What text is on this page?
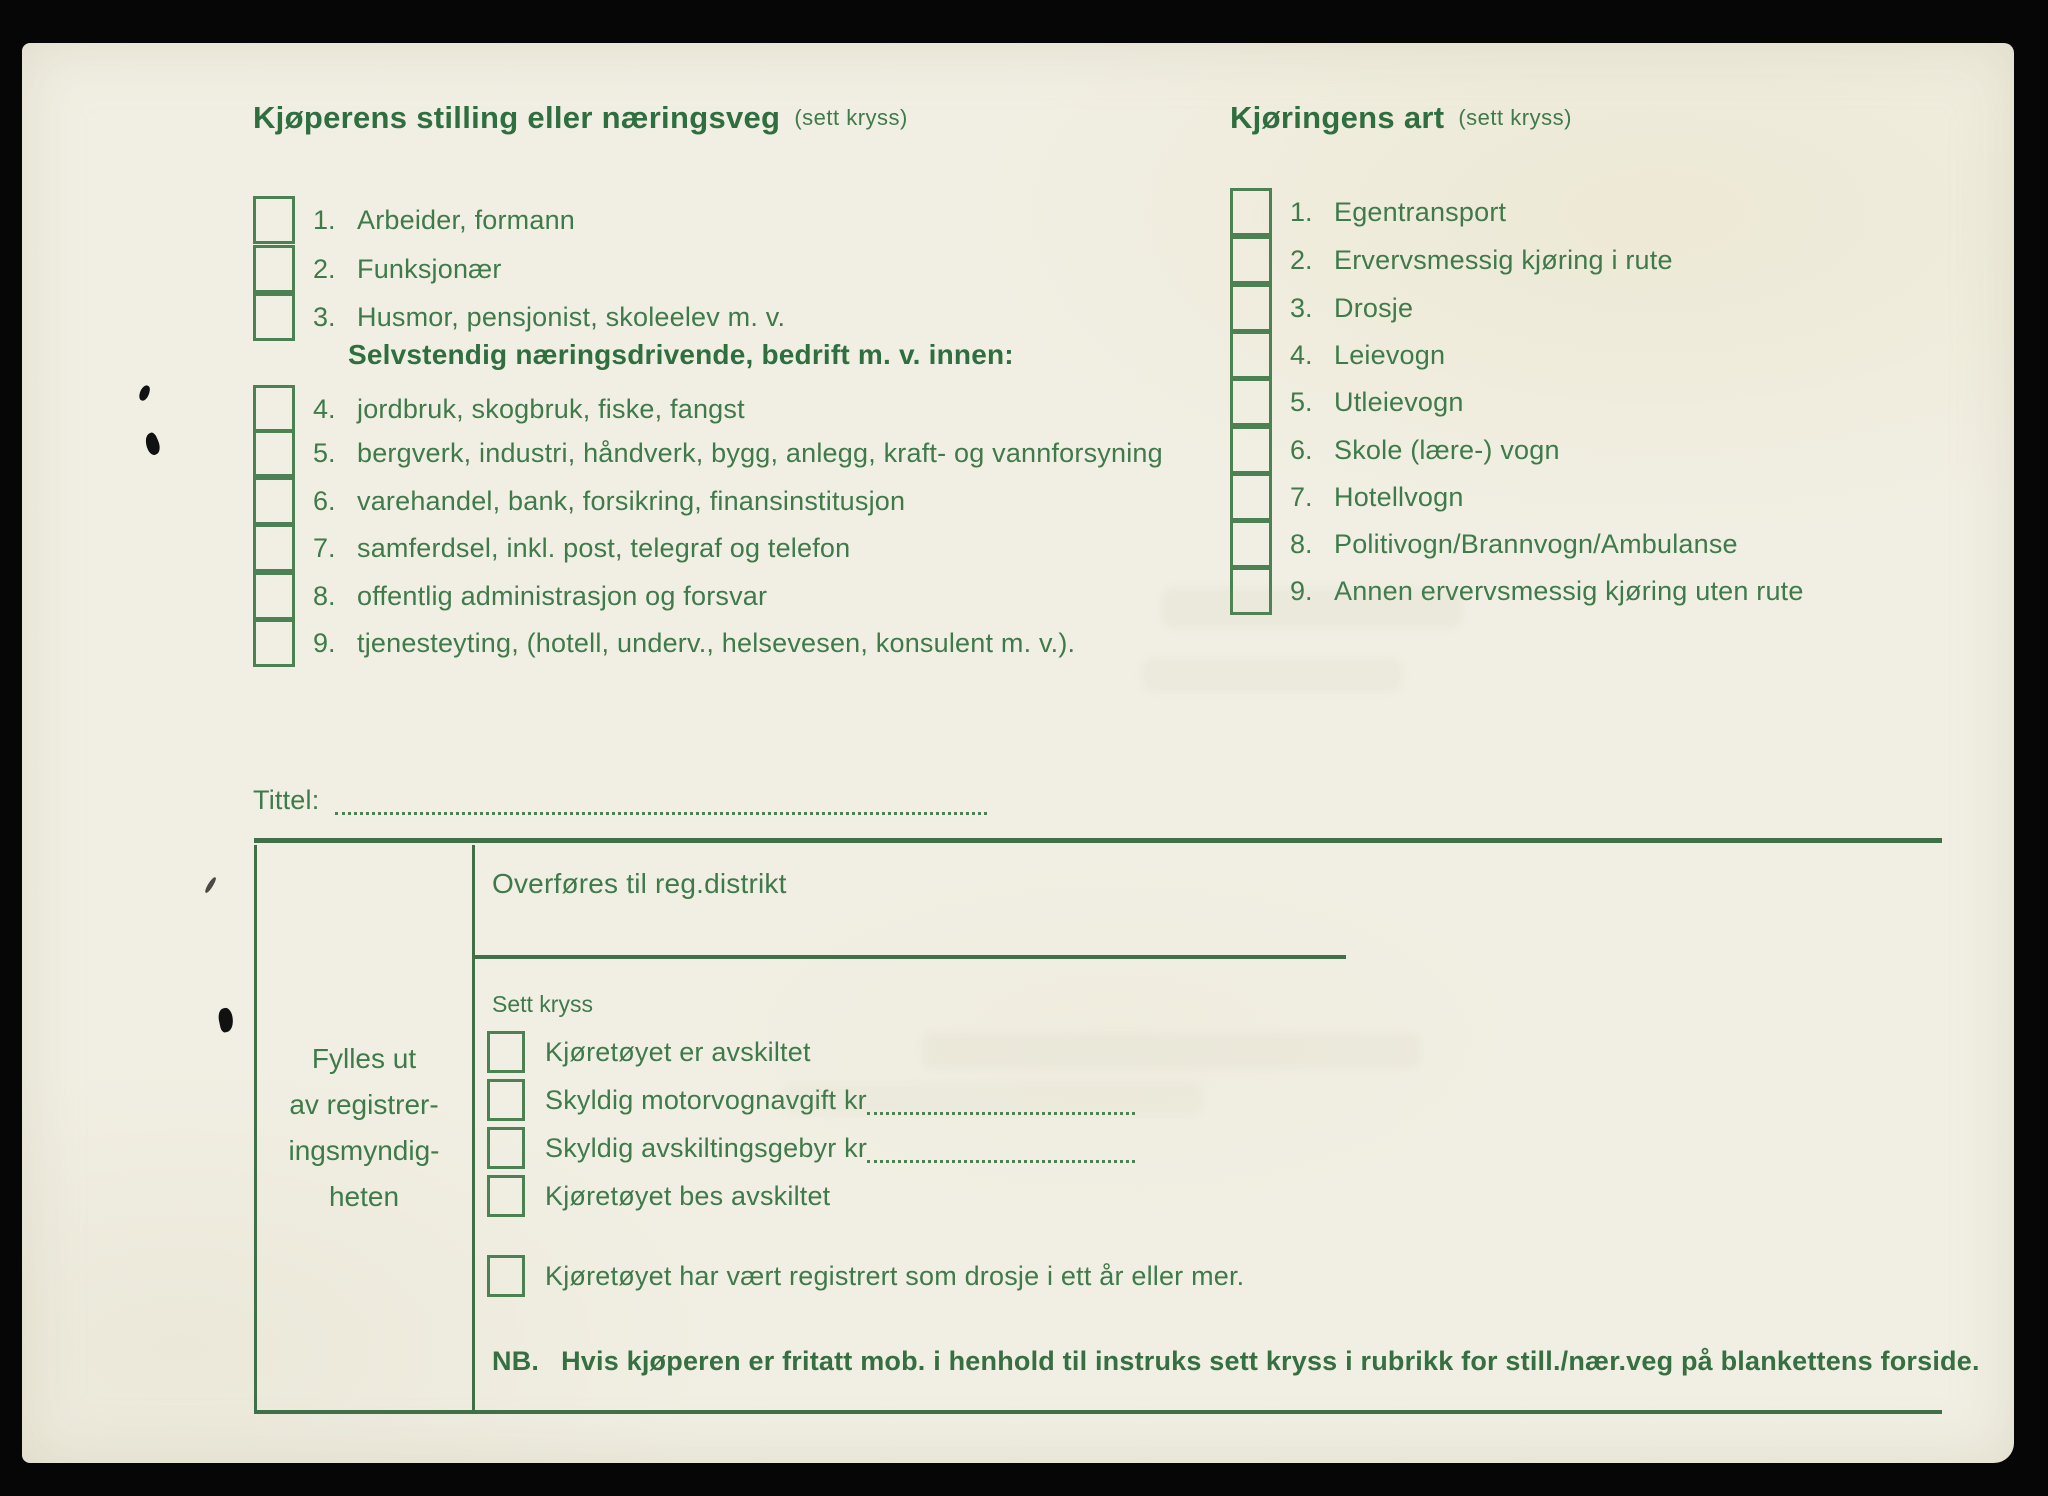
Kjøperens stilling eller næringsveg (sett kryss)
1. Arbeider, formann
2. Funksjonær
3. Husmor, pensjonist, skoleelev m. v.
Selvstendig næringsdrivende, bedrift m. v. innen:
4. jordbruk, skogbruk, fiske, fangst
5. bergverk, industri, håndverk, bygg, anlegg, kraft- og vannforsyning
6. varehandel, bank, forsikring, finansinstitusjon
7. samferdsel, inkl. post, telegraf og telefon
8. offentlig administrasjon og forsvar
9. tjenesteyting, (hotell, underv., helsevesen, konsulent m. v.).
Kjøringens art (sett kryss)
1. Egentransport
2. Ervervsmessig kjøring i rute
3. Drosje
4. Leievogn
5. Utleievogn
6. Skole (lære-) vogn
7. Hotellvogn
8. Politivogn/Brannvogn/Ambulanse
9. Annen ervervsmessig kjøring uten rute
Tittel:
Fylles ut
av registrer-
ingsmyndig-
heten
Overføres til reg.distrikt
Sett kryss
Kjøretøyet er avskiltet
Skyldig motorvognavgift kr
Skyldig avskiltingsgebyr kr
Kjøretøyet bes avskiltet
Kjøretøyet har vært registrert som drosje i ett år eller mer.
NB. Hvis kjøperen er fritatt mob. i henhold til instruks sett kryss i rubrikk for still./nær.veg på blankettens forside.
